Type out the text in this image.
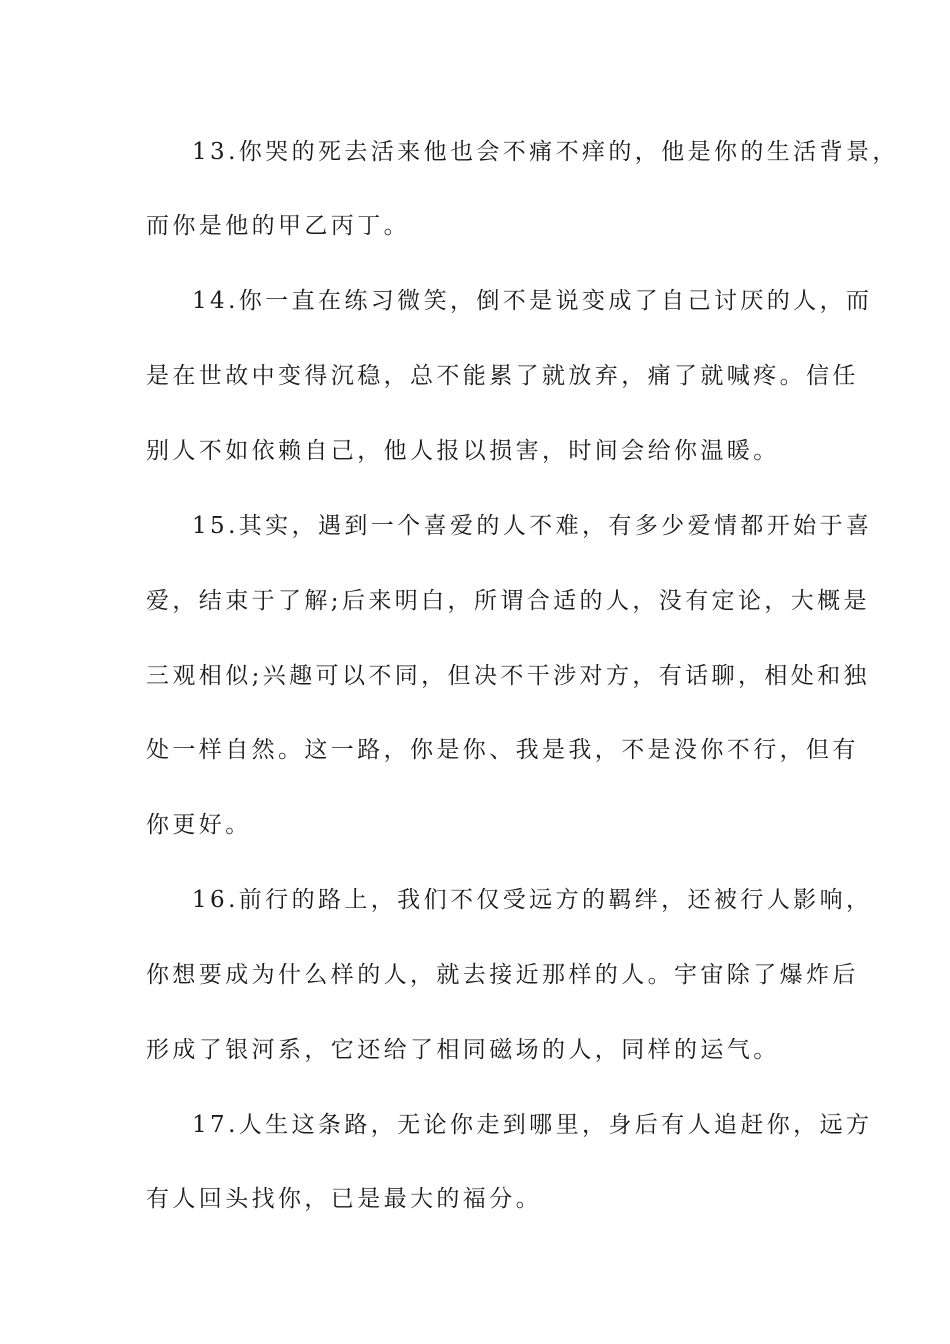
13.你哭的死去活来他也会不痛不痒的，他是你的生活背景，
而你是他的甲乙丙丁。
14.你一直在练习微笑，倒不是说变成了自己讨厌的人，而
是在世故中变得沉稳，总不能累了就放弃，痛了就喊疼。信任
别人不如依赖自己，他人报以损害，时间会给你温暖。
15.其实，遇到一个喜爱的人不难，有多少爱情都开始于喜
爱，结束于了解;后来明白，所谓合适的人，没有定论，大概是
三观相似;兴趣可以不同，但决不干涉对方，有话聊，相处和独
处一样自然。这一路，你是你、我是我，不是没你不行，但有
你更好。
16.前行的路上，我们不仅受远方的羁绊，还被行人影响，
你想要成为什么样的人，就去接近那样的人。宇宙除了爆炸后
形成了银河系，它还给了相同磁场的人，同样的运气。
17.人生这条路，无论你走到哪里，身后有人追赶你，远方
有人回头找你，已是最大的福分。
